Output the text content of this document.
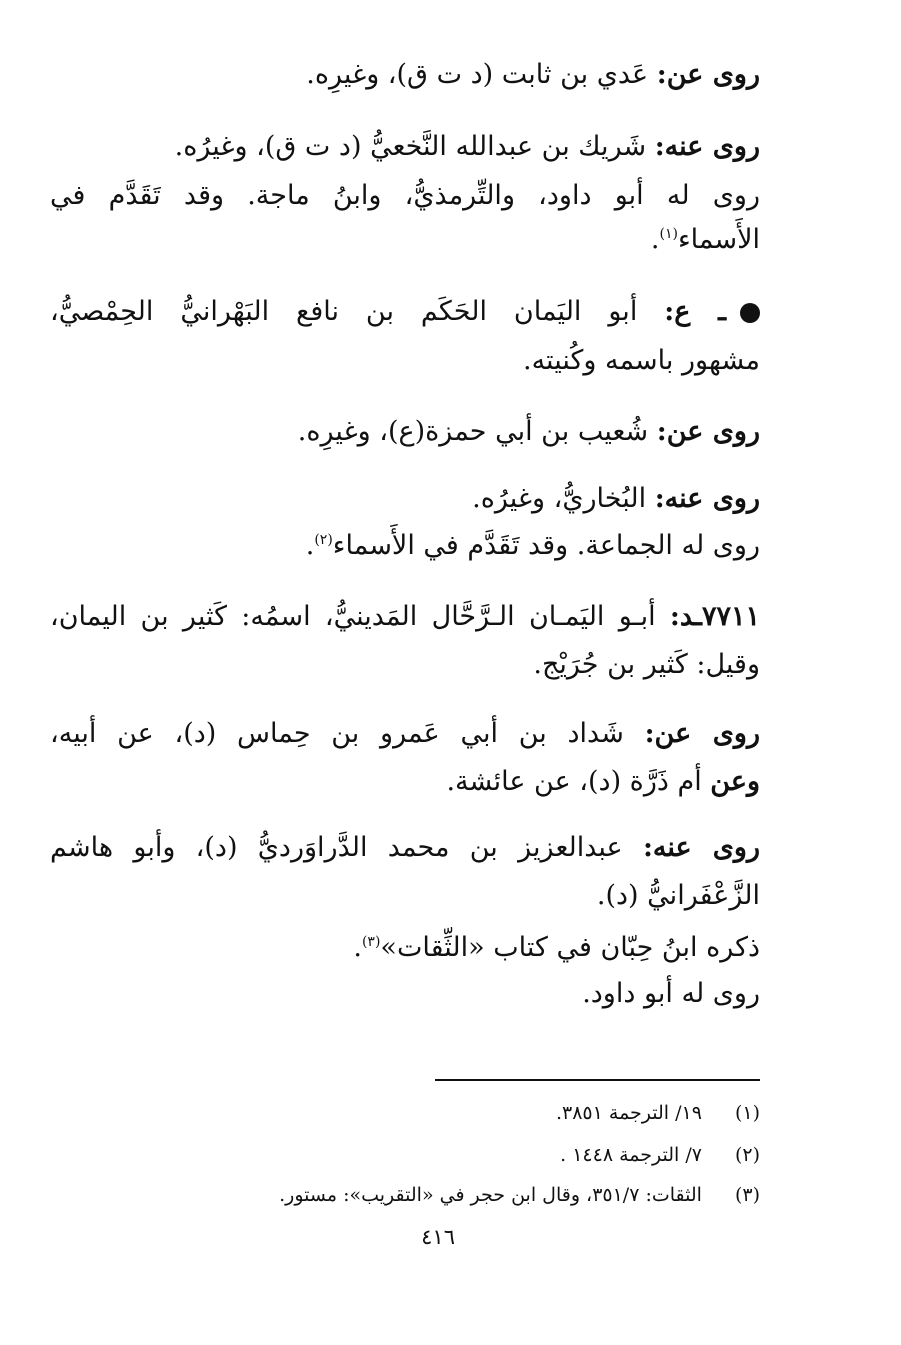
روى عن: عَدي بن ثابت (د ت ق)، وغيرِه.
روى عنه: شَريك بن عبدالله النَّخعيُّ (د ت ق)، وغيرُه.
روى له أبو داود، والتِّرمذيُّ، وابنُ ماجة. وقد تَقَدَّم في
الأَسماء$^{(١)}$.
ـ ع: أبو اليَمان الحَكَم بن نافع البَهْرانيُّ الحِمْصيُّ،
مشهور باسمه وكُنيته.
روى عن: شُعيب بن أبي حمزة(ع)، وغيرِه.
روى عنه: البُخاريُّ، وغيرُه.
روى له الجماعة. وقد تَقَدَّم في الأَسماء$^{(٢)}$.
٧٧١١ـد: أبـو اليَمـان الـرَّحَّال المَدينيُّ، اسمُه: كَثير بن اليمان،
وقيل: كَثير بن جُرَيْج.
روى عن: شَداد بن أبي عَمرو بن حِماس (د)، عن أبيه،
وعن أم ذَرَّة (د)، عن عائشة.
روى عنه: عبدالعزيز بن محمد الدَّراوَرديُّ (د)، وأبو هاشم
الزَّعْفَرانيُّ (د).
ذكره ابنُ حِبّان في كتاب «الثِّقات»$^{(٣)}$.
روى له أبو داود.
(١) ١٩/ الترجمة ٣٨٥١.
(٢) ٧/ الترجمة ١٤٤٨ .
(٣) الثقات: ٣٥١/٧، وقال ابن حجر في «التقريب»: مستور.
٤١٦
